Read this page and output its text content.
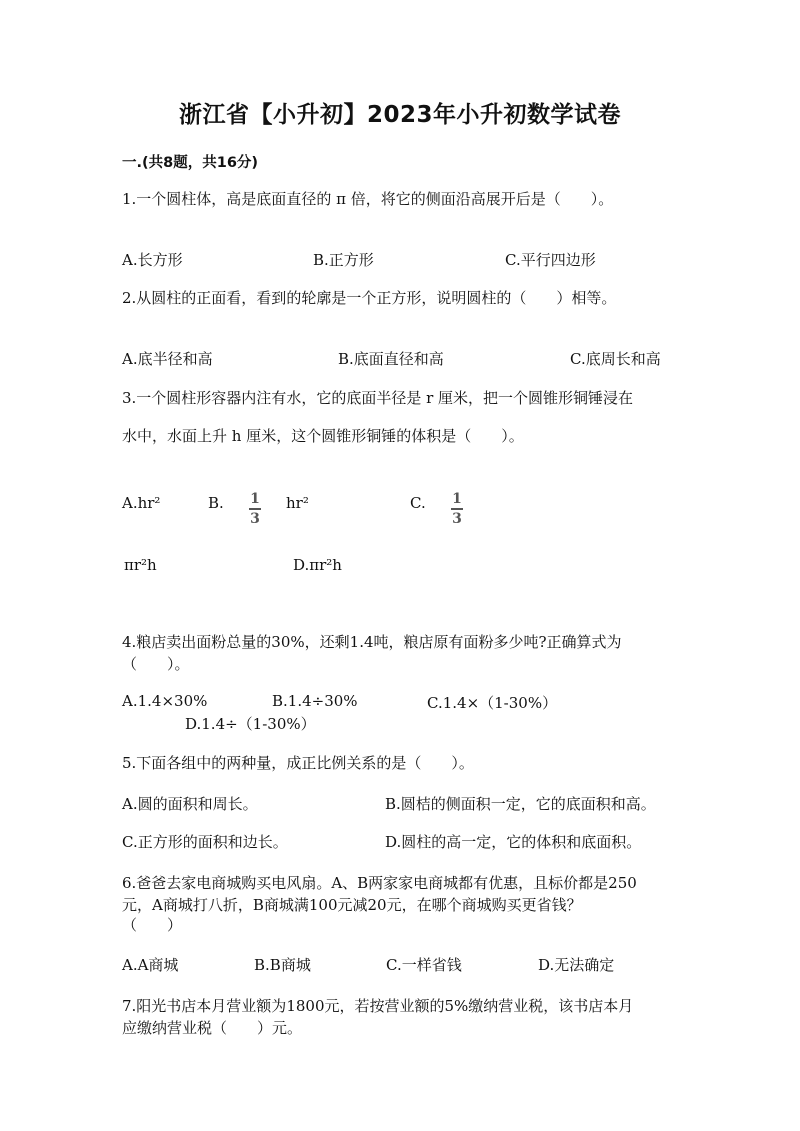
浙江省【小升初】2023年小升初数学试卷
一.(共8题，共16分)
1.一个圆柱体，高是底面直径的 π 倍，将它的侧面沿高展开后是（　　）。
A.长方形	B.正方形	C.平行四边形
2.从圆柱的正面看，看到的轮廓是一个正方形，说明圆柱的（　　）相等。
A.底半径和高	B.底面直径和高	C.底周长和高
3.一个圆柱形容器内注有水，它的底面半径是 r 厘米，把一个圆锥形铜锤浸在
水中，水面上升 h 厘米，这个圆锥形铜锤的体积是（　　）。
A.hr²	B. $\frac{1}{3} hr^2$	C. $\frac{1}{3}$
πr²h	D.πr²h
4.粮店卖出面粉总量的30%，还剩1.4吨，粮店原有面粉多少吨?正确算式为
（　　）。
A.1.4×30%	B.1.4÷30%	C.1.4×（1-30%）
D.1.4÷（1-30%）
5.下面各组中的两种量，成正比例关系的是（　　）。
A.圆的面积和周长。	B.圆桔的侧面积一定，它的底面积和高。
C.正方形的面积和边长。	D.圆柱的高一定，它的体积和底面积。
6.爸爸去家电商城购买电风扇。A、B两家家电商城都有优惠，且标价都是250
元，A商城打八折，B商城满100元减20元，在哪个商城购买更省钱？
（　　）
A.A商城	B.B商城	C.一样省钱	D.无法确定
7.阳光书店本月营业额为1800元，若按营业额的5%缴纳营业税，该书店本月
应缴纳营业税（　　）元。
